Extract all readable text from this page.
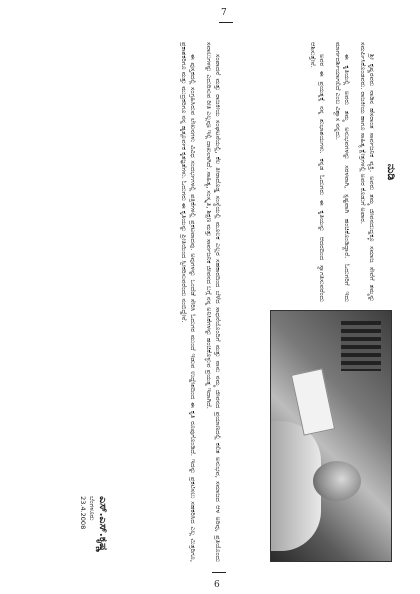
ಸಂಪಾದನೆ ಮತ್ತು ರಾಜಕೀಯ ಸಂಘಟನೆಯಲ್ಲಿ, ಕೆಲ ತೀರಾದೊಡ್ಡ ಸಂಸ್ಥೆಯಲ್ಲಿ ಮೂಲಕ ಎಲ್ಲರ ಸಹಕಾರದಿಂದ ಬೆಳೆದ ಸಾಧನೆಯೊಂದಿಗೆ ಮತ್ತು ನಾನು ನಮ್ಮ ಜೀವನದ ಪ್ರಯಾಣದಲ್ಲಿ ಕಲಿತ ಅನುಭವ, ಸಮಾಜದ ಆಳ ಅರಿವು, ಪ್ರತಿಯೊಂದು ಸವಾಲುಗಳನ್ನು ಎದುರಿಸುವ ರೀತಿ ಎಲ್ಲವೂ ಇಲ್ಲಿ ದಾಖಲಾಗಿದೆ. ಸಾಹಿತ್ಯ, ಸಂಸ್ಕೃತಿ, ಶಿಕ್ಷಣ ಮತ್ತು ಸಾರ್ವಜನಿಕ ಜೀವನದ ಬಗ್ಗೆ ನನ್ನ ಅನಿಸಿಕೆಗಳನ್ನು ಹಂಚಿಕೊಳ್ಳುವ ಪ್ರಯತ್ನ ಇದಾಗಿದೆ.

ಈ ಪುಸ್ತಕದಲ್ಲಿ ಸಂಗ್ರಹಿಸಿರುವ ಲೇಖನಗಳು ವಿವಿಧ ಸಂದರ್ಭಗಳಲ್ಲಿ ಪತ್ರಿಕೆಗಳಲ್ಲಿ ಪ್ರಕಟವಾದವು. ಅವುಗಳನ್ನು ಒಂದೆಡೆ ಸೇರಿಸಿ ಓದುಗರ ಮುಂದೆ ಇಡುವ ಉದ್ದೇಶದಿಂದ ಈ ಕೃತಿ ರೂಪುಗೊಂಡಿದೆ. ಇದನ್ನು ಪ್ರಕಟಿಸಲು ಸಹಕರಿಸಿದ ಎಲ್ಲ ಮಿತ್ರರಿಗೂ, ಪ್ರಕಾಶಕರಿಗೂ ಮತ್ತು ಮುದ್ರಕರಿಗೂ ನನ್ನ ಹೃತ್ಪೂರ್ವಕ ಕೃತಜ್ಞತೆಗಳು. ಓದುಗರು ಈ ಕೃತಿಯನ್ನು ಪ್ರೀತಿಯಿಂದ ಸ್ವೀಕರಿಸುವರೆಂದು ನಂಬಿದ್ದೇನೆ.

ಎಸ್.ಎಸ್.ಕೃಷ್ಣ
ಬೆಂಗಳೂರು
23.4.2008
ನುಡಿ

ಶ್ರೀ ಕೃಷ್ಣರವರು ನಾಡಿನ ಹೆಸರಾಂತ ಸಾರ್ವಜನಿಕ ವ್ಯಕ್ತಿ. ಅವರು ತಮ್ಮ ಜೀವನದುದ್ದಕ್ಕೂ ಸಮಾಜ ಸೇವೆಗೆ ತಮ್ಮನ್ನು ಸಮರ್ಪಿಸಿಕೊಂಡವರು. ರಾಜಕೀಯ ಹಾಗೂ ಸಾಹಿತ್ಯ ಕ್ಷೇತ್ರಗಳಲ್ಲಿ ಅವರ ಕೊಡುಗೆ ಅಪಾರ.

ಈ ಕೃತಿಯಲ್ಲಿ ಅವರು ತಮ್ಮ ಅನುಭವಗಳನ್ನು ಸರಳವಾಗಿ, ಸ್ಪಷ್ಟವಾಗಿ ಹಂಚಿಕೊಂಡಿದ್ದಾರೆ. ಓದುಗರಿಗೆ ಇದು ಮಾರ್ಗದರ್ಶಿಯಾಗಲಿದೆ ಎಂಬ ವಿಶ್ವಾಸ ನನ್ನದು.

ಅವರ ಈ ಪ್ರಯತ್ನಕ್ಕೆ ನನ್ನ ಶುಭಾಶಯಗಳು. ಕನ್ನಡ ಓದುಗರು ಈ ಕೃತಿಯನ್ನು ಆದರದಿಂದ ಸ್ವಾಗತಿಸುವರೆಂದು ಆಶಿಸುತ್ತೇನೆ.

6
7
